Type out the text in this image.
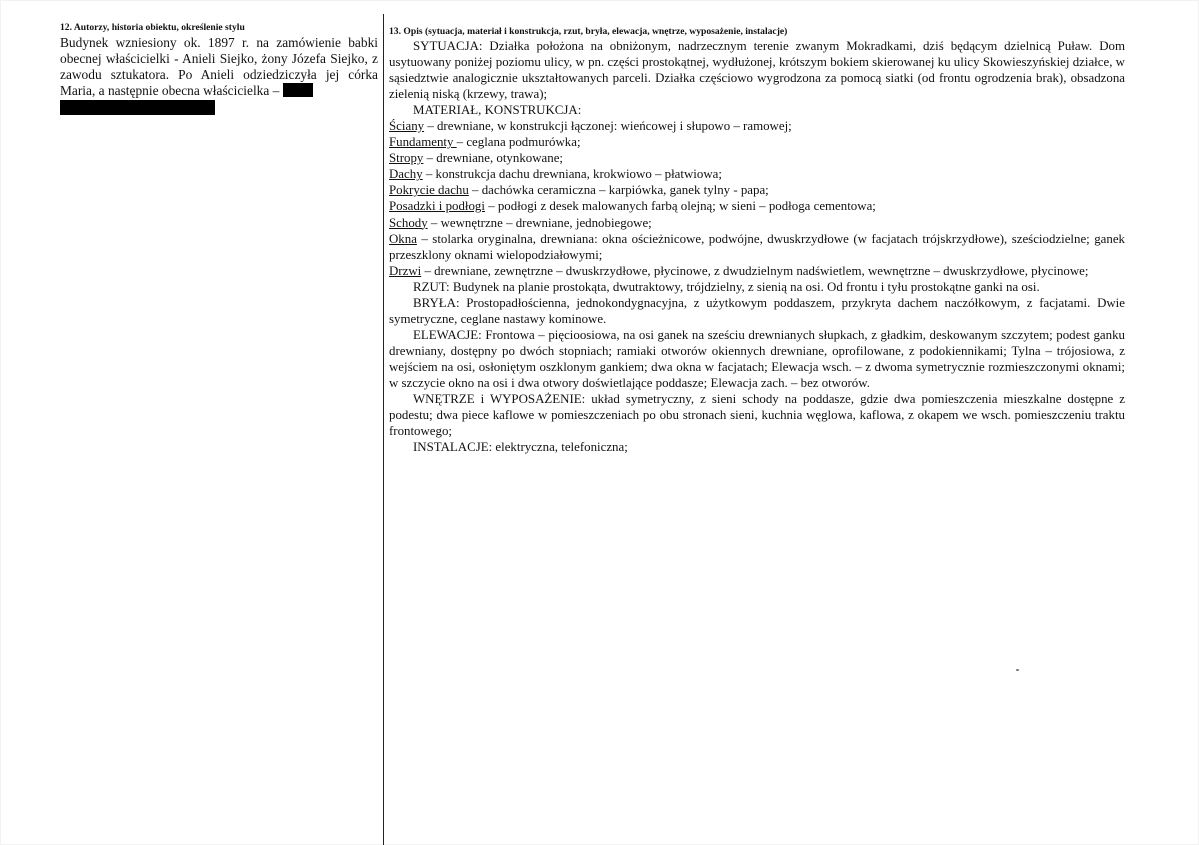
12. Autorzy, historia obiektu, określenie stylu
Budynek wzniesiony ok. 1897 r. na zamówienie babki obecnej właścicielki - Anieli Siejko, żony Józefa Siejko, z zawodu sztukatora. Po Anieli odziedziczyła jej córka Maria, a następnie obecna właścicielka –
13. Opis (sytuacja, materiał i konstrukcja, rzut, bryła, elewacja, wnętrze, wyposażenie, instalacje)
SYTUACJA: Działka położona na obniżonym, nadrzecznym terenie zwanym Mokradkami, dziś będącym dzielnicą Puław. Dom usytuowany poniżej poziomu ulicy, w pn. części prostokątnej, wydłużonej, krótszym bokiem skierowanej ku ulicy Skowieszyńskiej działce, w sąsiedztwie analogicznie ukształtowanych parceli. Działka częściowo wygrodzona za pomocą siatki (od frontu ogrodzenia brak), obsadzona zielenią niską (krzewy, trawa);
MATERIAŁ, KONSTRUKCJA:
Ściany – drewniane, w konstrukcji łączonej: wieńcowej i słupowo – ramowej;
Fundamenty – ceglana podmurówka;
Stropy – drewniane, otynkowane;
Dachy – konstrukcja dachu drewniana, krokwiowo – płatwiowa;
Pokrycie dachu – dachówka ceramiczna – karpiówka, ganek tylny - papa;
Posadzki i podłogi – podłogi z desek malowanych farbą olejną; w sieni – podłoga cementowa;
Schody – wewnętrzne – drewniane, jednobiegowe;
Okna – stolarka oryginalna, drewniana: okna ościeżnicowe, podwójne, dwuskrzydłowe (w facjatach trójskrzydłowe), sześciodzielne; ganek przeszklony oknami wielopodziałowymi;
Drzwi – drewniane, zewnętrzne – dwuskrzydłowe, płycinowe, z dwudzielnym nadświetlem, wewnętrzne – dwuskrzydłowe, płycinowe;
RZUT: Budynek na planie prostokąta, dwutraktowy, trójdzielny, z sienią na osi. Od frontu i tyłu prostokątne ganki na osi.
BRYŁA: Prostopadłościenna, jednokondygnacyjna, z użytkowym poddaszem, przykryta dachem naczółkowym, z facjatami. Dwie symetryczne, ceglane nastawy kominowe.
ELEWACJE: Frontowa – pięcioosiowa, na osi ganek na sześciu drewnianych słupkach, z gładkim, deskowanym szczytem; podest ganku drewniany, dostępny po dwóch stopniach; ramiaki otworów okiennych drewniane, oprofilowane, z podokiennikami; Tylna – trójosiowa, z wejściem na osi, osłoniętym oszklonym gankiem; dwa okna w facjatach; Elewacja wsch. – z dwoma symetrycznie rozmieszczonymi oknami; w szczycie okno na osi i dwa otwory doświetlające poddasze; Elewacja zach. – bez otworów.
WNĘTRZE i WYPOSAŻENIE: układ symetryczny, z sieni schody na poddasze, gdzie dwa pomieszczenia mieszkalne dostępne z podestu; dwa piece kaflowe w pomieszczeniach po obu stronach sieni, kuchnia węglowa, kaflowa, z okapem we wsch. pomieszczeniu traktu frontowego;
INSTALACJE: elektryczna, telefoniczna;
